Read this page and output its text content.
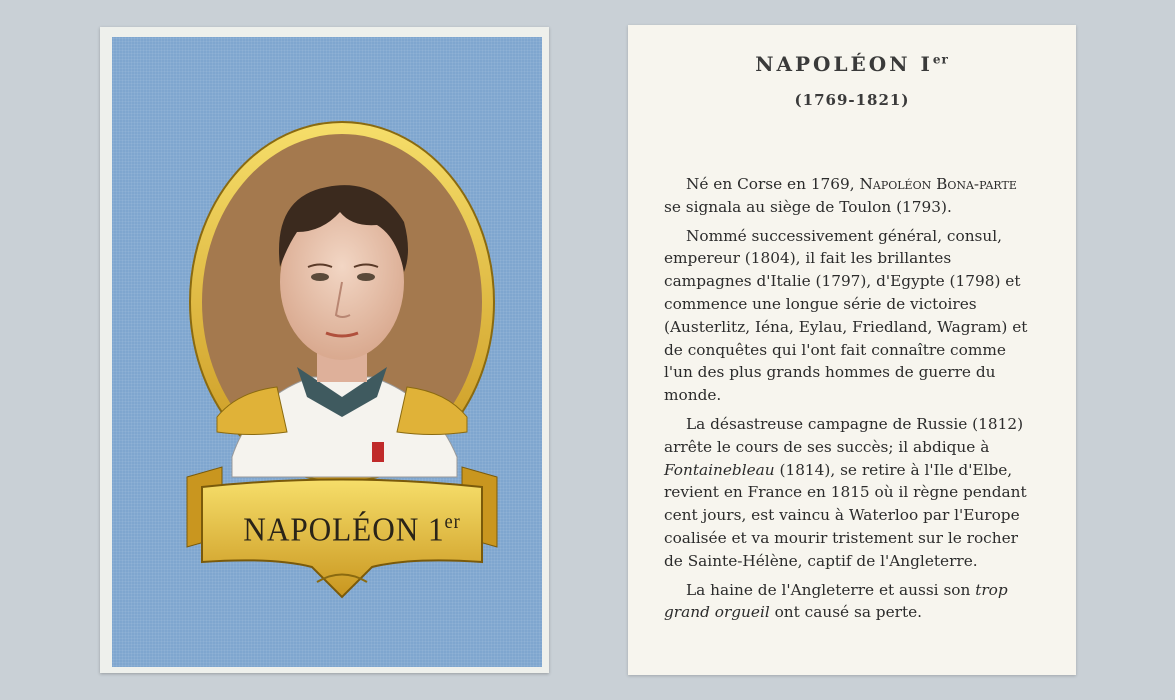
NAPOLÉON 1er
NAPOLÉON Ier
(1769-1821)

Né en Corse en 1769, Napoléon Bona-parte se signala au siège de Toulon (1793).

Nommé successivement général, consul, empereur (1804), il fait les brillantes campagnes d'Italie (1797), d'Egypte (1798) et commence une longue série de victoires (Austerlitz, Iéna, Eylau, Friedland, Wagram) et de conquêtes qui l'ont fait connaître comme l'un des plus grands hommes de guerre du monde.

La désastreuse campagne de Russie (1812) arrête le cours de ses succès; il abdique à Fontainebleau (1814), se retire à l'Ile d'Elbe, revient en France en 1815 où il règne pendant cent jours, est vaincu à Waterloo par l'Europe coalisée et va mourir tristement sur le rocher de Sainte-Hélène, captif de l'Angleterre.

La haine de l'Angleterre et aussi son trop grand orgueil ont causé sa perte.
